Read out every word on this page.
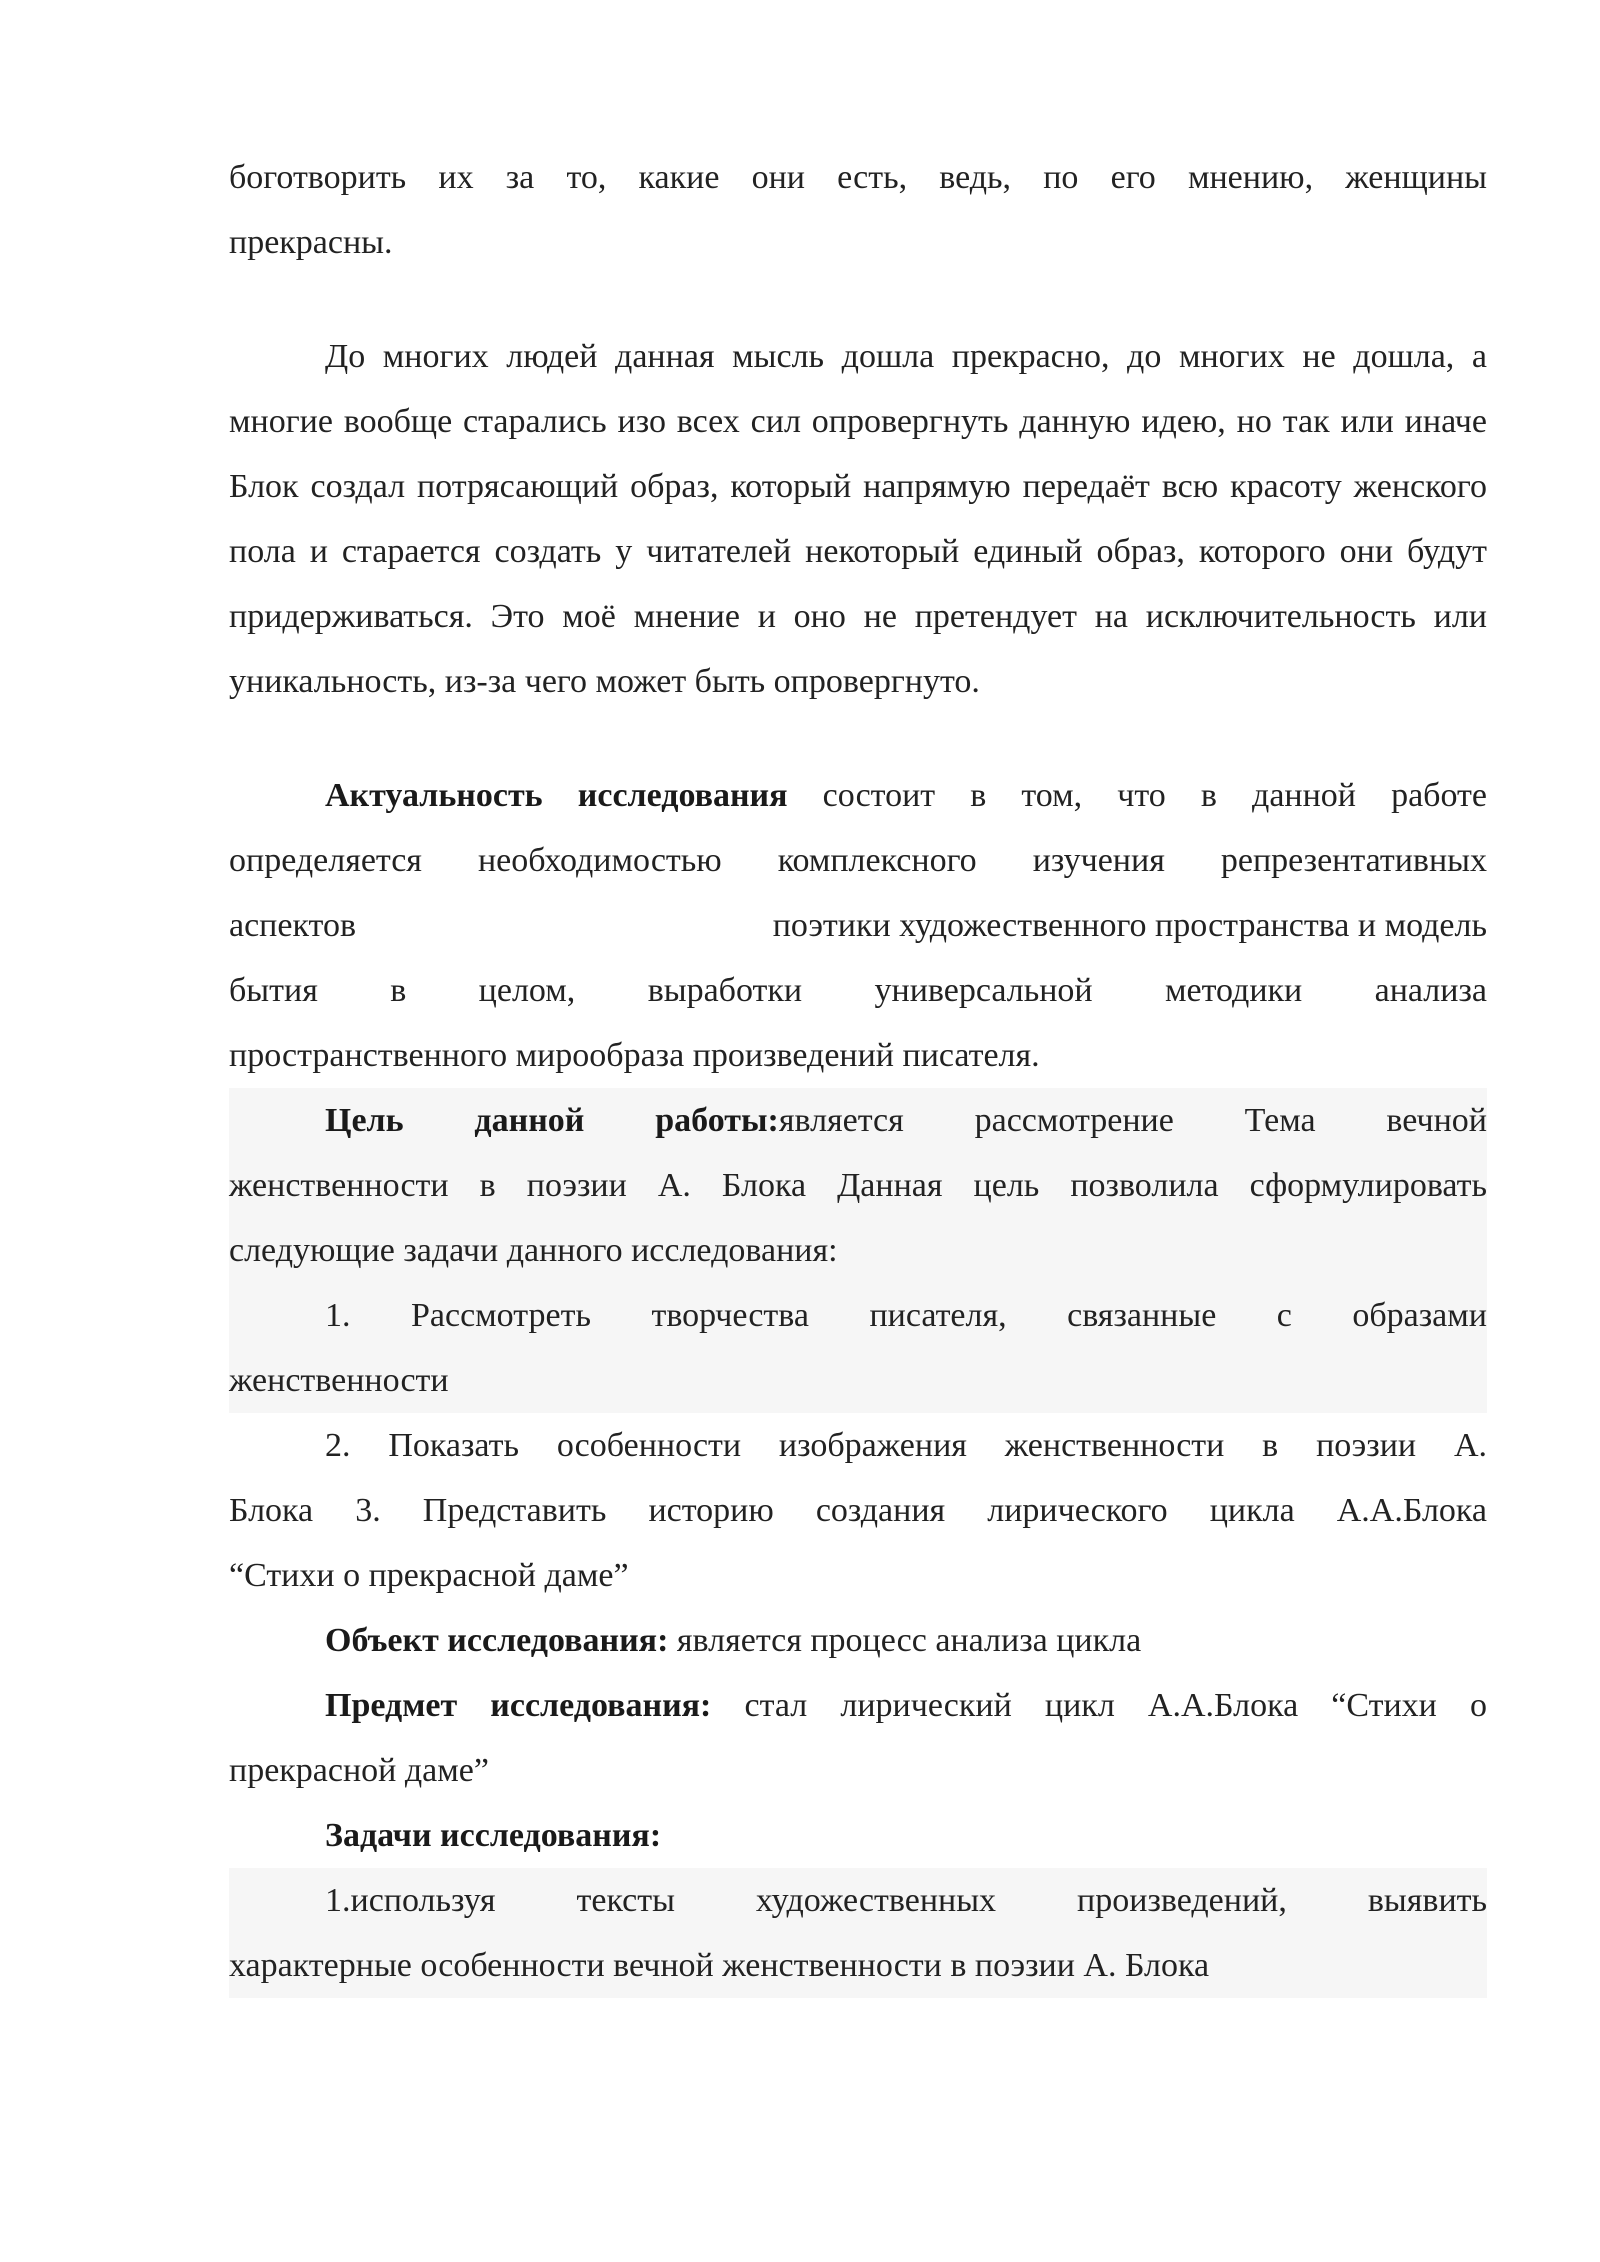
боготворить их за то, какие они есть, ведь, по его мнению, женщины
прекрасны.

До многих людей данная мысль дошла прекрасно, до многих не дошла, а многие вообще старались изо всех сил опровергнуть данную идею, но так или иначе Блок создал потрясающий образ, который напрямую передаёт всю красоту женского пола и старается создать у читателей некоторый единый образ, которого они будут придерживаться. Это моё мнение и оно не претендует на исключительность или уникальность, из-за чего может быть опровергнуто.

Актуальность исследования состоит в том, что в данной работе
определяется необходимостью комплексного изучения репрезентативных
аспектов	поэтики художественного пространства и модель
бытия в целом, выработки универсальной методики анализа
пространственного мирообраза произведений писателя.
Цель данной работы:является рассмотрение Тема вечной
женственности в поэзии А. Блока Данная цель позволила сформулировать
следующие задачи данного исследования:
1. Рассмотреть творчества писателя, связанные с образами
женственности
2. Показать особенности изображения женственности в поэзии А.
Блока 3. Представить историю создания лирического цикла А.А.Блока
“Стихи о прекрасной даме”
Объект исследования: является процесс анализа цикла
Предмет исследования: стал лирический цикл А.А.Блока “Стихи о
прекрасной даме”
Задачи исследования:
1.используя тексты художественных произведений, выявить
характерные особенности вечной женственности в поэзии А. Блока
